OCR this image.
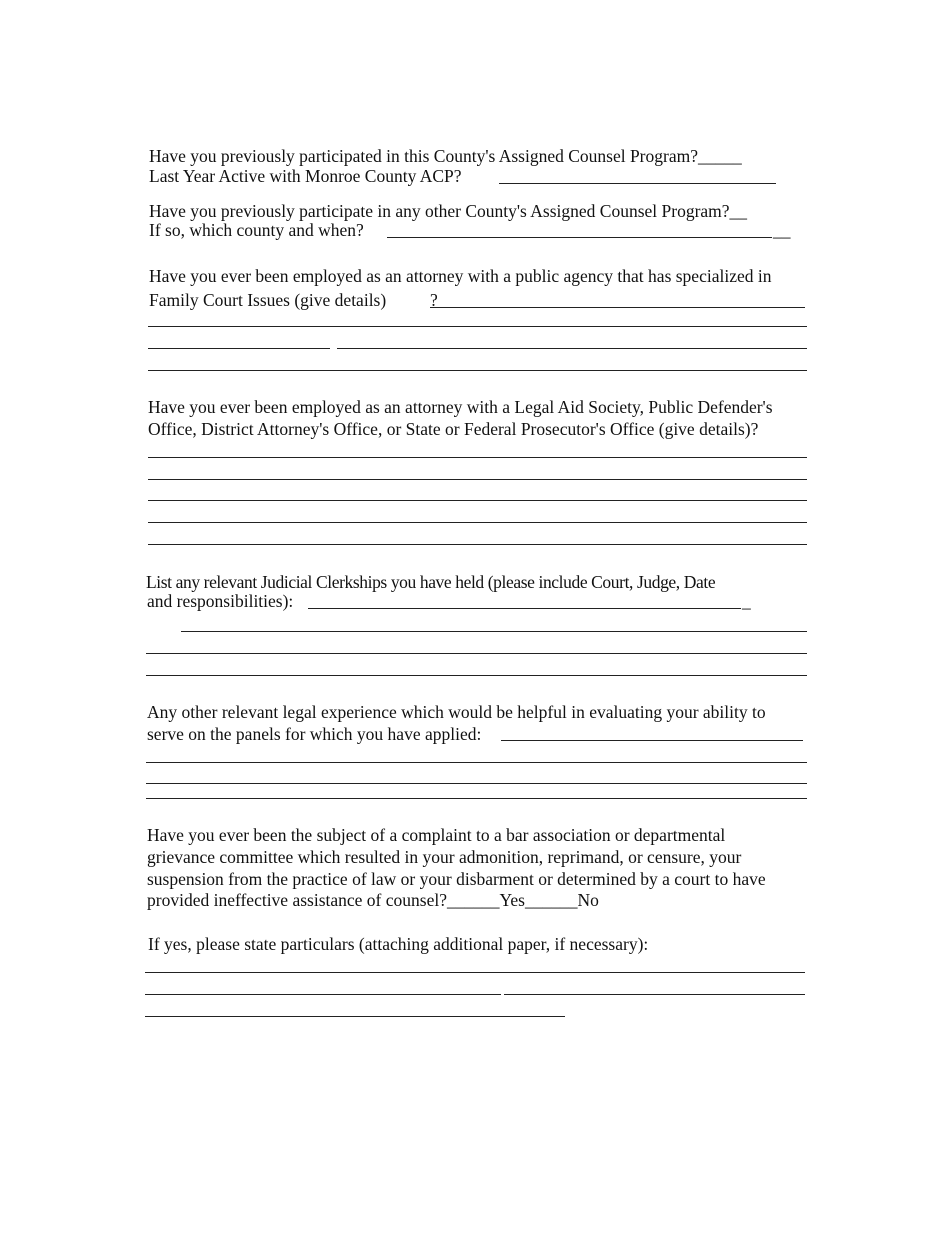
Have you previously participated in this County's Assigned Counsel Program?_____
Last Year Active with Monroe County ACP?
Have you previously participate in any other County's Assigned Counsel Program?__
If so, which county and when?	__
Have you ever been employed as an attorney with a public agency that has specialized in
Family Court Issues (give details)	?
Have you ever been employed as an attorney with a Legal Aid Society, Public Defender's
Office, District Attorney's Office, or State or Federal Prosecutor's Office (give details)?
List any relevant Judicial Clerkships you have held (please include Court, Judge, Date
and responsibilities):	_
Any other relevant legal experience which would be helpful in evaluating your ability to
serve on the panels for which you have applied:
Have you ever been the subject of a complaint to a bar association or departmental
grievance committee which resulted in your admonition, reprimand, or censure, your
suspension from the practice of law or your disbarment or determined by a court to have
provided ineffective assistance of counsel?______Yes______No
If yes, please state particulars (attaching additional paper, if necessary):
